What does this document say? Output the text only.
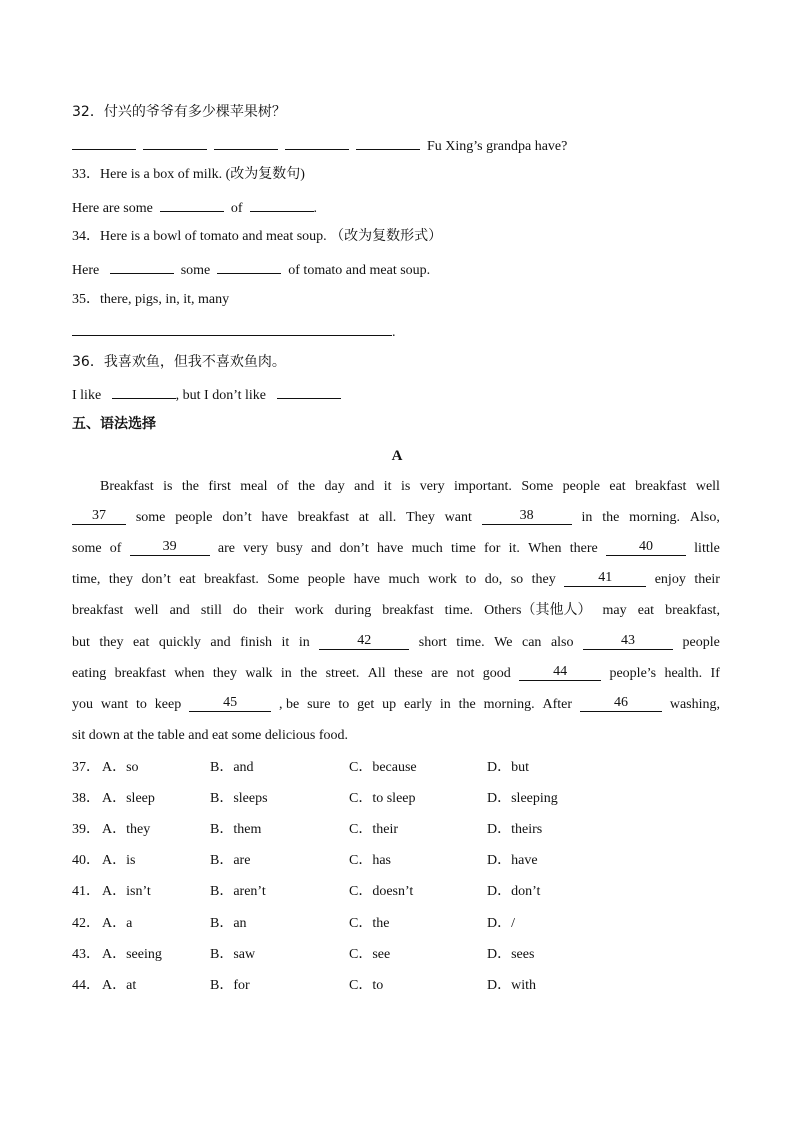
32．付兴的爷爷有多少棵苹果树？
Fu Xing’s grandpa have?
33．Here is a box of milk. (改为复数句)
Here are some	of	.
34．Here is a bowl of tomato and meat soup. （改为复数形式）
Here	some	of tomato and meat soup.
35．there, pigs, in, it, many
.
36．我喜欢鱼，但我不喜欢鱼肉。
I like	, but I don’t like
五、语法选择
A
Breakfast is the first meal of the day and it is very important. Some people eat breakfast well
37	some people don’t have breakfast at all. They want	38	in the morning. Also,
some of	39	are very busy and don’t have much time for it. When there	40	little
time, they don’t eat breakfast. Some people have much work to do, so they	41	enjoy their
breakfast well and still do their work during breakfast time. Others（其他人） may eat breakfast,
but they eat quickly and finish it in	42	short time. We can also	43	people
eating breakfast when they walk in the street. All these are not good	44	people’s health. If
you want to keep	45	, be sure to get up early in the morning. After	46	washing,
sit down at the table and eat some delicious food.
37． A．so	B．and	C．because	D．but
38． A．sleep	B．sleeps	C．to sleep	D．sleeping
39． A．they	B．them	C．their	D．theirs
40． A．is	B．are	C．has	D．have
41． A．isn’t	B．aren’t	C．doesn’t	D．don’t
42． A．a	B．an	C．the	D．/
43． A．seeing	B．saw	C．see	D．sees
44． A．at	B．for	C．to	D．with
